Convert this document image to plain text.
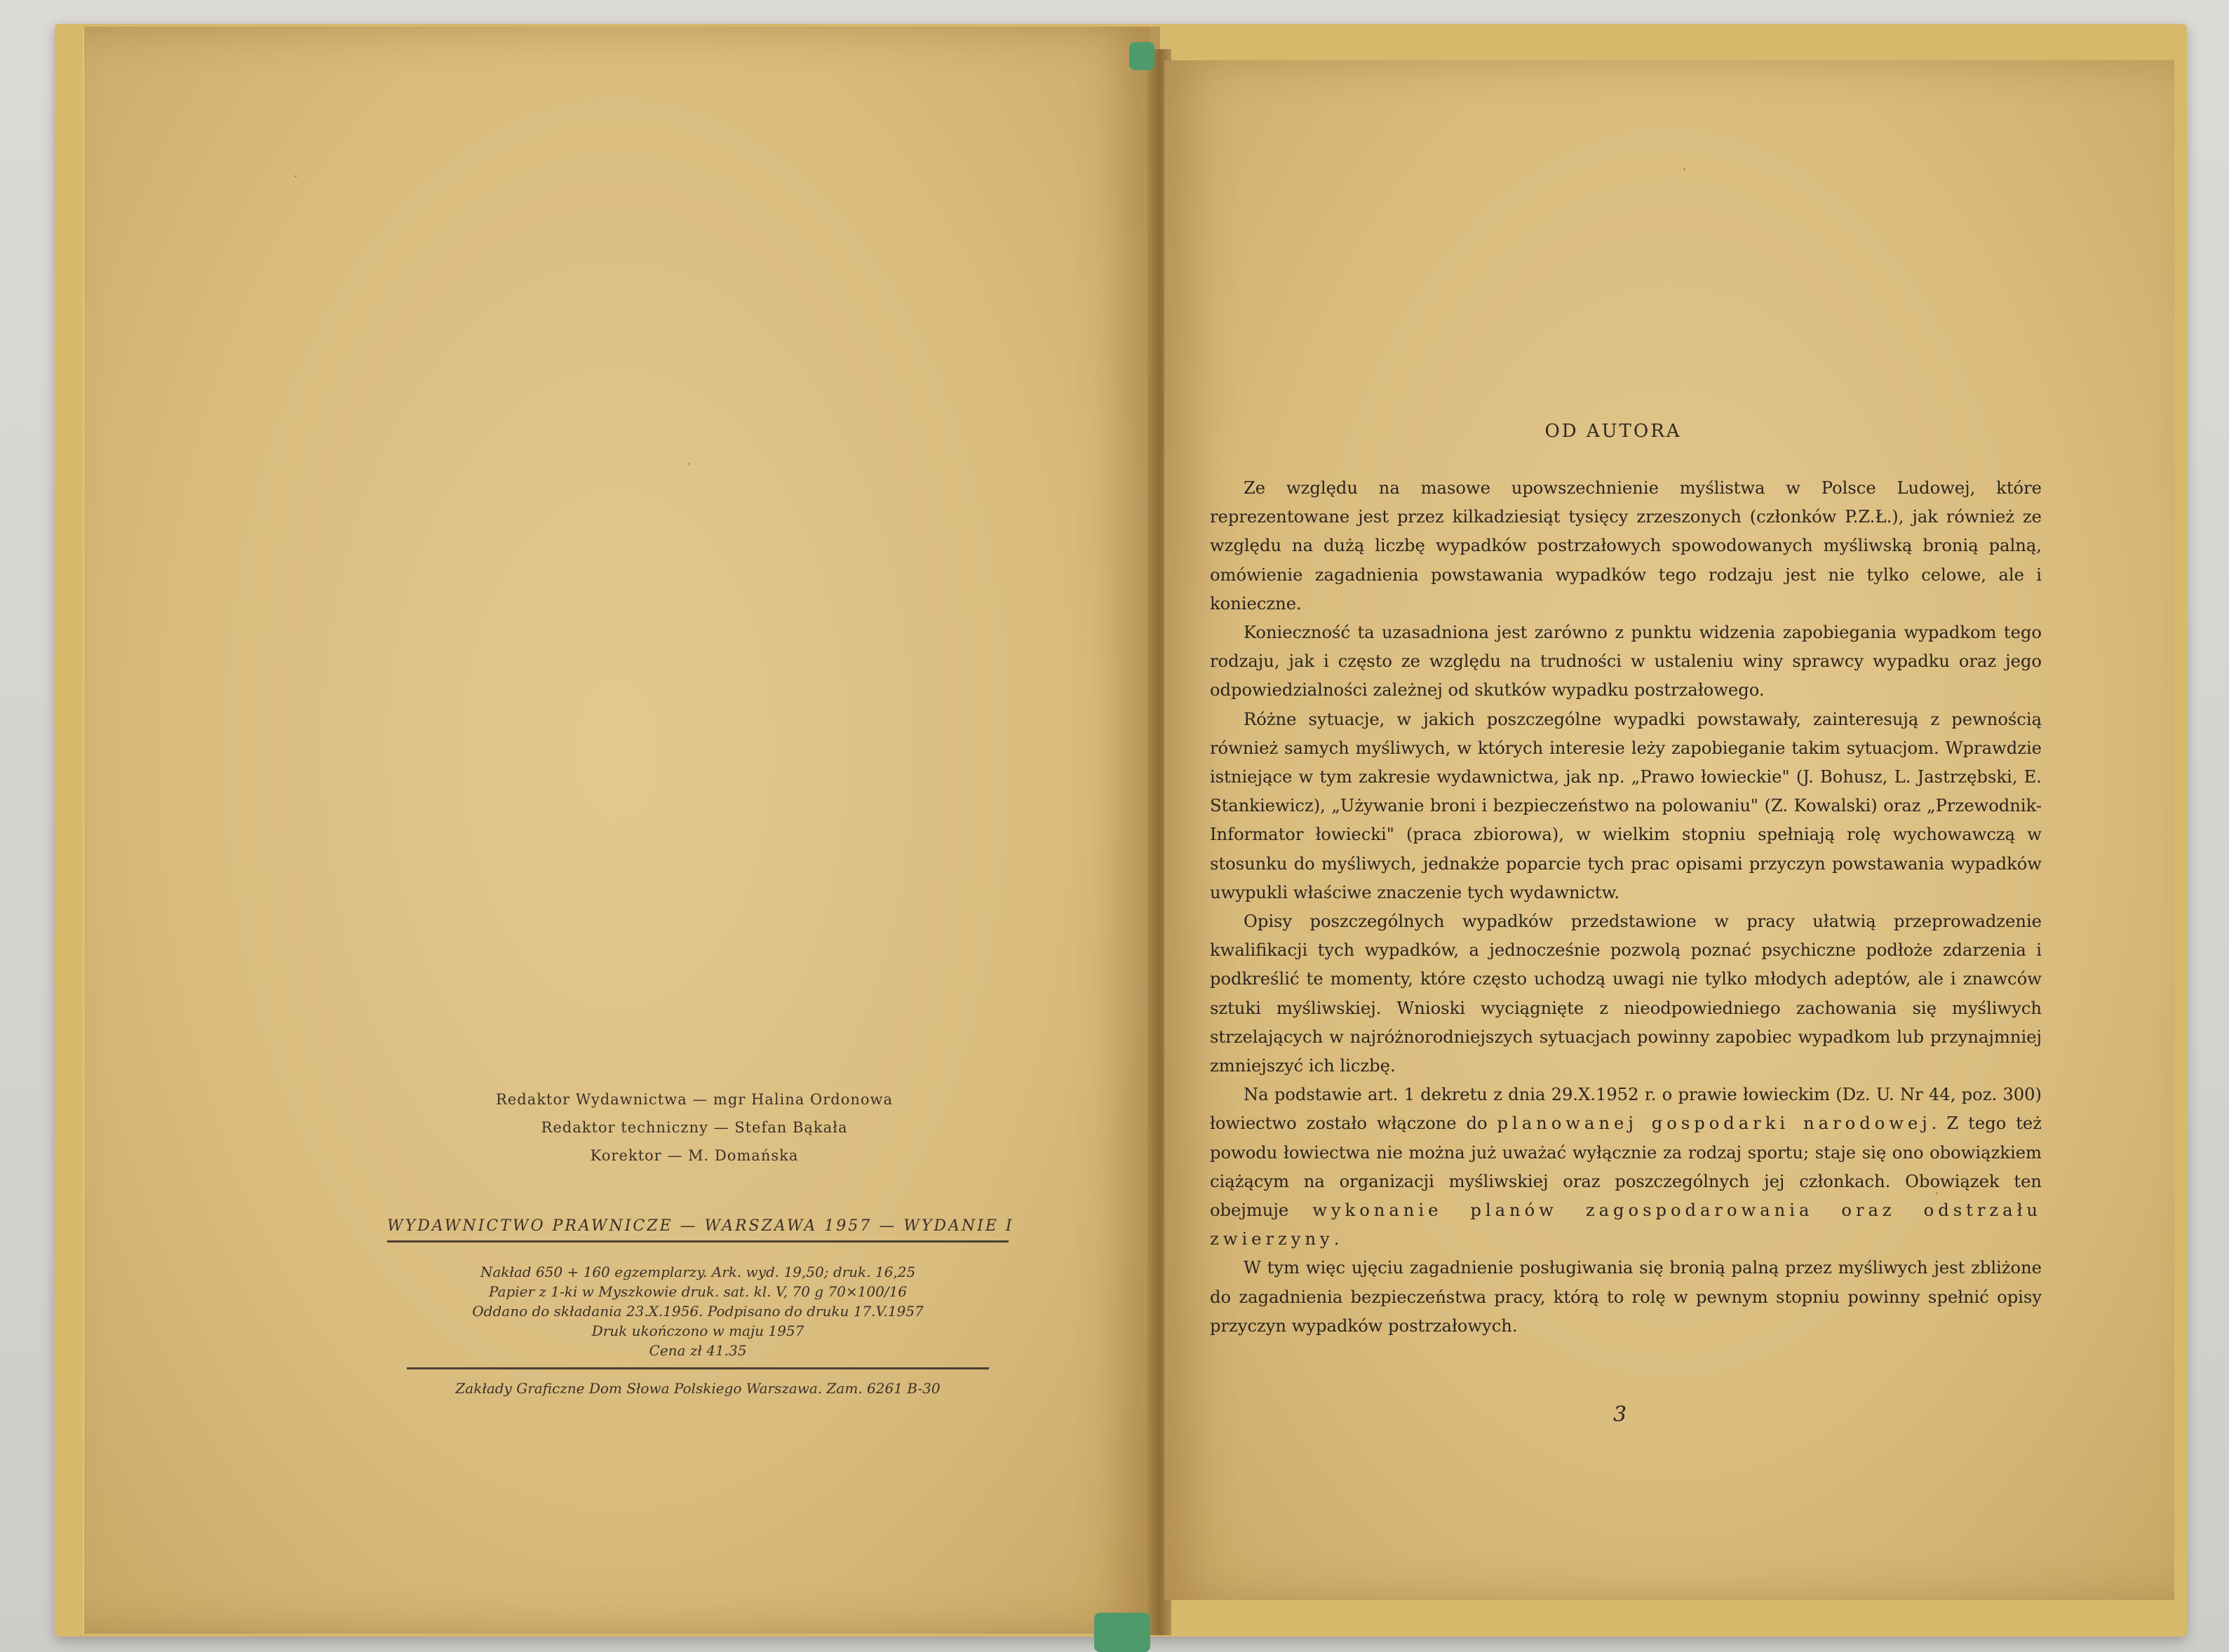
Redaktor Wydawnictwa — mgr Halina Ordonowa
Redaktor techniczny — Stefan Bąkała
Korektor — M. Domańska
WYDAWNICTWO PRAWNICZE — WARSZAWA 1957 — WYDANIE I
Nakład 650 + 160 egzemplarzy. Ark. wyd. 19,50; druk. 16,25
Papier z 1-ki w Myszkowie druk. sat. kl. V, 70 g 70×100/16
Oddano do składania 23.X.1956. Podpisano do druku 17.V.1957
Druk ukończono w maju 1957
Cena zł 41.35
Zakłady Graficzne Dom Słowa Polskiego Warszawa. Zam. 6261 B-30
OD AUTORA

Ze względu na masowe upowszechnienie myślistwa w Polsce Ludowej, które reprezentowane jest przez kilkadziesiąt tysięcy zrzeszonych (członków P.Z.Ł.), jak również ze względu na dużą liczbę wypadków postrzałowych spowodowanych myśliwską bronią palną, omówienie zagadnienia powstawania wypadków tego rodzaju jest nie tylko celowe, ale i konieczne.

Konieczność ta uzasadniona jest zarówno z punktu widzenia zapobiegania wypadkom tego rodzaju, jak i często ze względu na trudności w ustaleniu winy sprawcy wypadku oraz jego odpowiedzialności zależnej od skutków wypadku postrzałowego.

Różne sytuacje, w jakich poszczególne wypadki powstawały, zainteresują z pewnością również samych myśliwych, w których interesie leży zapobieganie takim sytuacjom. Wprawdzie istniejące w tym zakresie wydawnictwa, jak np. „Prawo łowieckie" (J. Bohusz, L. Jastrzębski, E. Stankiewicz), „Używanie broni i bezpieczeństwo na polowaniu" (Z. Kowalski) oraz „Przewodnik-Informator łowiecki" (praca zbiorowa), w wielkim stopniu spełniają rolę wychowawczą w stosunku do myśliwych, jednakże poparcie tych prac opisami przyczyn powstawania wypadków uwypukli właściwe znaczenie tych wydawnictw.

Opisy poszczególnych wypadków przedstawione w pracy ułatwią przeprowadzenie kwalifikacji tych wypadków, a jednocześnie pozwolą poznać psychiczne podłoże zdarzenia i podkreślić te momenty, które często uchodzą uwagi nie tylko młodych adeptów, ale i znawców sztuki myśliwskiej. Wnioski wyciągnięte z nieodpowiedniego zachowania się myśliwych strzelających w najróżnorodniejszych sytuacjach powinny zapobiec wypadkom lub przynajmniej zmniejszyć ich liczbę.

Na podstawie art. 1 dekretu z dnia 29.X.1952 r. o prawie łowieckim (Dz. U. Nr 44, poz. 300) łowiectwo zostało włączone do planowanej gospodarki narodowej. Z tego też powodu łowiectwa nie można już uważać wyłącznie za rodzaj sportu; staje się ono obowiązkiem ciążącym na organizacji myśliwskiej oraz poszczególnych jej członkach. Obowiązek ten obejmuje wykonanie planów zagospodarowania oraz odstrzału zwierzyny.

W tym więc ujęciu zagadnienie posługiwania się bronią palną przez myśliwych jest zbliżone do zagadnienia bezpieczeństwa pracy, którą to rolę w pewnym stopniu powinny spełnić opisy przyczyn wypadków postrzałowych.

3
